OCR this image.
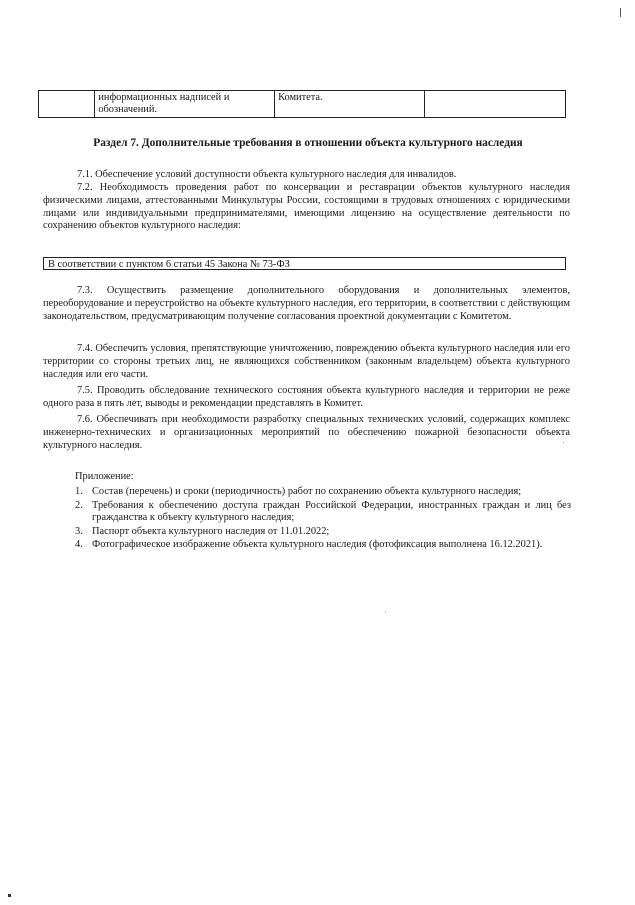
	информационных надписей и обозначений.	Комитета.	
Раздел 7. Дополнительные требования в отношении объекта культурного наследия
7.1. Обеспечение условий доступности объекта культурного наследия для инвалидов.
7.2. Необходимость проведения работ по консервации и реставрации объектов культурного наследия физическими лицами, аттестованными Минкультуры России, состоящими в трудовых отношениях с юридическими лицами или индивидуальными предпринимателями, имеющими лицензию на осуществление деятельности по сохранению объектов культурного наследия:
В соответствии с пунктом 6 статьи 45 Закона № 73-ФЗ
7.3. Осуществить размещение дополнительного оборудования и дополнительных элементов, переоборудование и переустройство на объекте культурного наследия, его территории, в соответствии с действующим законодательством, предусматривающим получение согласования проектной документации с Комитетом.
7.4. Обеспечить условия, препятствующие уничтожению, повреждению объекта культурного наследия или его территории со стороны третьих лиц, не являющихся собственником (законным владельцем) объекта культурного наследия или его части.
7.5. Проводить обследование технического состояния объекта культурного наследия и территории не реже одного раза в пять лет, выводы и рекомендации представлять в Комитет.
7.6. Обеспечивать при необходимости разработку специальных технических условий, содержащих комплекс инженерно-технических и организационных мероприятий по обеспечению пожарной безопасности объекта культурного наследия.
Приложение:
1. Состав (перечень) и сроки (периодичность) работ по сохранению объекта культурного наследия;
2. Требования к обеспечению доступа граждан Российской Федерации, иностранных граждан и лиц без гражданства к объекту культурного наследия;
3. Паспорт объекта культурного наследия от 11.01.2022;
4. Фотографическое изображение объекта культурного наследия (фотофиксация выполнена 16.12.2021).
